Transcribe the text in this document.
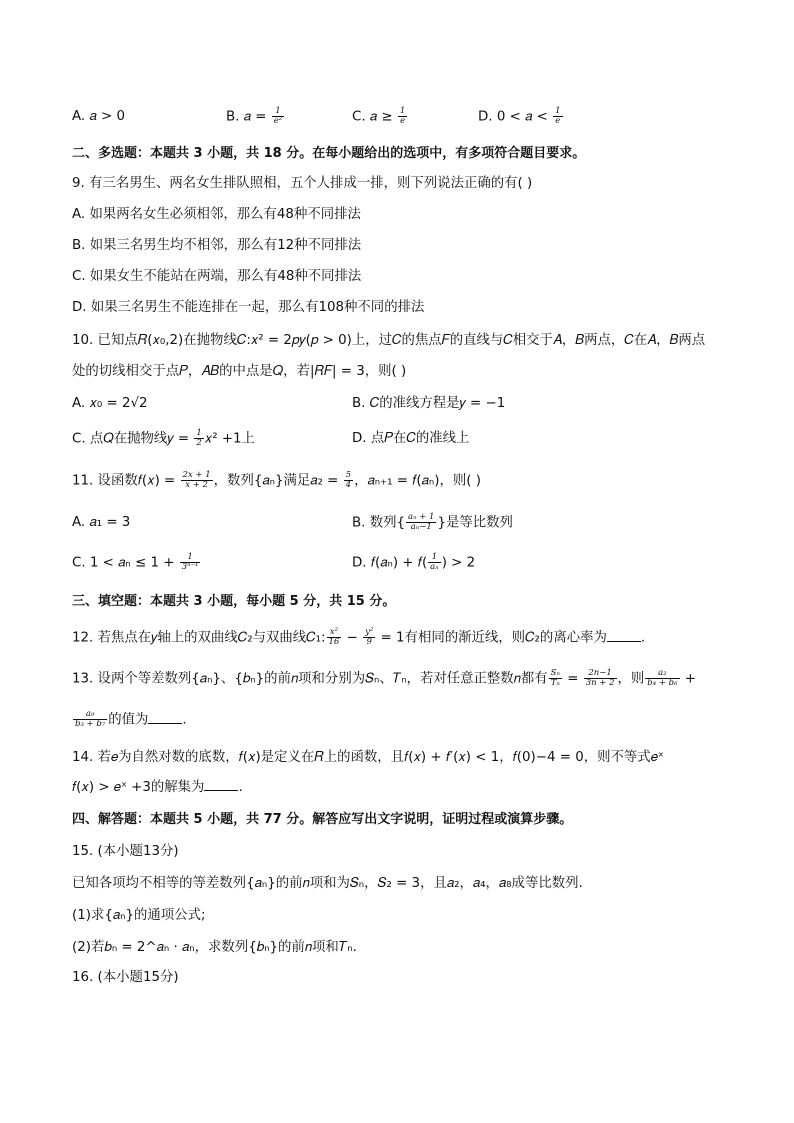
A. 𝑎 > 0	B. 𝑎 = $\frac{1}{\text{e²}}$	C. 𝑎 ≥ $\frac{1}{e}$	D. 0 < 𝑎 < $\frac{1}{e}$
二、多选题：本题共 3 小题，共 18 分。在每小题给出的选项中，有多项符合题目要求。
9. 有三名男生、两名女生排队照相，五个人排成一排，则下列说法正确的有( )
A. 如果两名女生必须相邻，那么有48种不同排法
B. 如果三名男生均不相邻，那么有12种不同排法
C. 如果女生不能站在两端，那么有48种不同排法
D. 如果三名男生不能连排在一起，那么有108种不同的排法
10. 已知点𝑅(𝑥₀,2)在抛物线𝐶:𝑥² = 2𝑝𝑦(𝑝 > 0)上，过𝐶的焦点𝐹的直线与𝐶相交于𝐴，𝐵两点，𝐶在𝐴，𝐵两点
处的切线相交于点𝑃，𝐴𝐵的中点是𝑄，若|𝑅𝐹| = 3，则( )
A. 𝑥₀ = 2√2	B. 𝐶的准线方程是𝑦 = −1
C. 点𝑄在抛物线𝑦 = $\frac{1}{2}$ 𝑥² +1上	D. 点𝑃在𝐶的准线上
11. 设函数𝑓(𝑥) = $\frac{\text{2𝑥 + 1}}{\text{𝑥 + 2}}$ ，数列{𝑎ₙ}满足𝑎₂ = $\frac{5}{4}$ ，𝑎ₙ₊₁ = 𝑓(𝑎ₙ)，则( )
A. 𝑎₁ = 3	B. 数列{ $\frac{\text{𝑎ₙ + 1}}{\text{𝑎ₙ−1}}$ }是等比数列
C. 1 < 𝑎ₙ ≤ $1 + \frac{1}{\text{3ⁿ⁻¹}}$	D. 𝑓(𝑎ₙ) + 𝑓( $\frac{1}{\text{𝑎ₙ}}$ ) > 2
三、填空题：本题共 3 小题，每小题 5 分，共 15 分。
12. 若焦点在𝑦轴上的双曲线𝐶₂与双曲线𝐶₁: $\frac{\text{𝑥²}}{16} - \frac{\text{𝑦²}}{9} = 1$有相同的渐近线，则𝐶₂的离心率为	.
13. 设两个等差数列{𝑎ₙ}、{𝑏ₙ}的前𝑛项和分别为𝑆ₙ、𝑇ₙ，若对任意正整数𝑛都有 $\frac{\text{𝑆ₙ}}{\text{𝑇ₙ}} = \frac{\text{2𝑛−1}}{\text{3𝑛 + 2}}$ ，则 $\frac{\text{𝑎₂}}{\text{𝑏₄ + 𝑏₆}}$ +
$\frac{\text{𝑎₉}}{\text{𝑏₃ + 𝑏₇}}$ 的值为	.
14. 若𝑒为自然对数的底数，𝑓(𝑥)是定义在𝑅上的函数，且𝑓(𝑥) + 𝑓′(𝑥) < 1，𝑓(0)−4 = 0，则不等式𝑒ˣ
𝑓(𝑥) > 𝑒ˣ +3的解集为	.
四、解答题：本题共 5 小题，共 77 分。解答应写出文字说明，证明过程或演算步骤。
15. (本小题13分)
已知各项均不相等的等差数列{𝑎ₙ}的前𝑛项和为𝑆ₙ，𝑆₂ = 3，且𝑎₂，𝑎₄，𝑎₈成等比数列.
(1)求{𝑎ₙ}的通项公式;
(2)若𝑏ₙ = 2^𝑎ₙ · 𝑎ₙ，求数列{𝑏ₙ}的前𝑛项和𝑇ₙ.
16. (本小题15分)
